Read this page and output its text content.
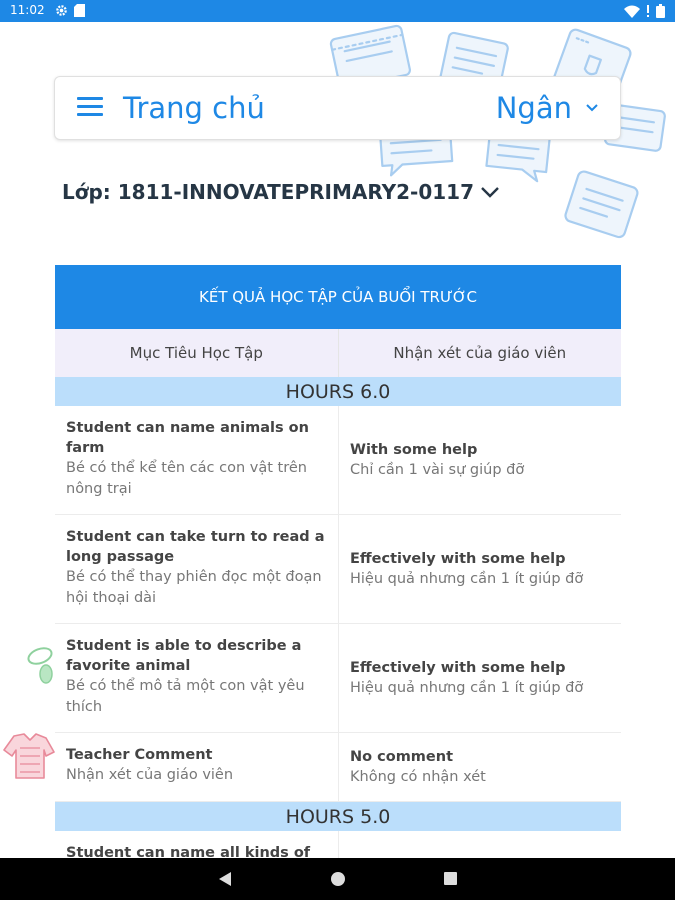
11:02
Trang chủ	Ngân
Lớp: 1811-INNOVATEPRIMARY2-0117
KẾT QUẢ HỌC TẬP CỦA BUỔI TRƯỚC
Mục Tiêu Học Tập	Nhận xét của giáo viên
HOURS 6.0
Student can name animals on farm
Bé có thể kể tên các con vật trên nông trại
With some help
Chỉ cần 1 vài sự giúp đỡ
Student can take turn to read a long passage
Bé có thể thay phiên đọc một đoạn hội thoại dài
Effectively with some help
Hiệu quả nhưng cần 1 ít giúp đỡ
Student is able to describe a favorite animal
Bé có thể mô tả một con vật yêu thích
Effectively with some help
Hiệu quả nhưng cần 1 ít giúp đỡ
Teacher Comment
Nhận xét của giáo viên
No comment
Không có nhận xét
HOURS 5.0
Student can name all kinds of
